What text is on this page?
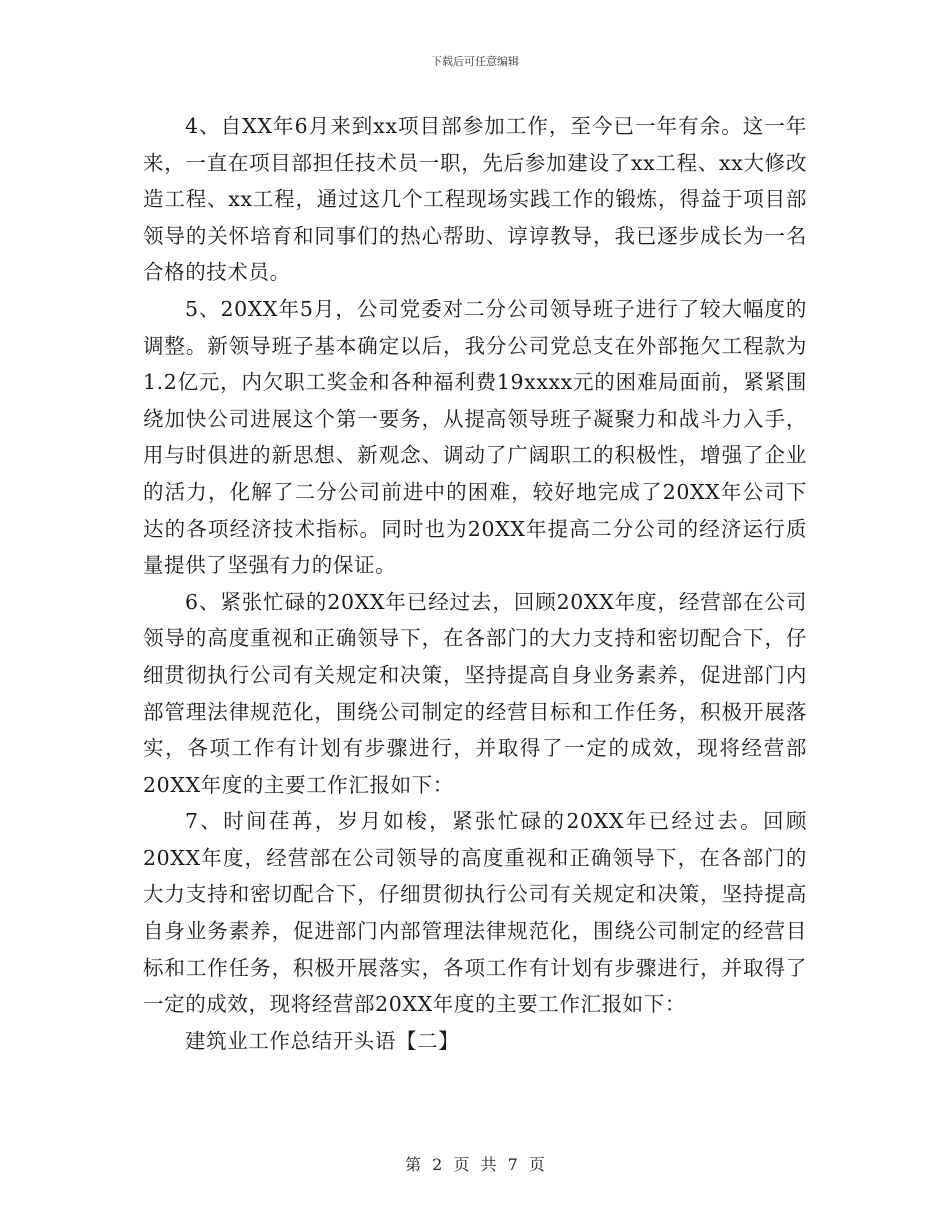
下载后可任意编辑

4、自XX年6月来到xx项目部参加工作，至今已一年有余。这一年来，一直在项目部担任技术员一职，先后参加建设了xx工程、xx大修改造工程、xx工程，通过这几个工程现场实践工作的锻炼，得益于项目部领导的关怀培育和同事们的热心帮助、谆谆教导，我已逐步成长为一名合格的技术员。

5、20XX年5月，公司党委对二分公司领导班子进行了较大幅度的调整。新领导班子基本确定以后，我分公司党总支在外部拖欠工程款为1.2亿元，内欠职工奖金和各种福利费19xxxx元的困难局面前，紧紧围绕加快公司进展这个第一要务，从提高领导班子凝聚力和战斗力入手，用与时俱进的新思想、新观念、调动了广阔职工的积极性，增强了企业的活力，化解了二分公司前进中的困难，较好地完成了20XX年公司下达的各项经济技术指标。同时也为20XX年提高二分公司的经济运行质量提供了坚强有力的保证。

6、紧张忙碌的20XX年已经过去，回顾20XX年度，经营部在公司领导的高度重视和正确领导下，在各部门的大力支持和密切配合下，仔细贯彻执行公司有关规定和决策，坚持提高自身业务素养，促进部门内部管理法律规范化，围绕公司制定的经营目标和工作任务，积极开展落实，各项工作有计划有步骤进行，并取得了一定的成效，现将经营部20XX年度的主要工作汇报如下：

7、时间荏苒，岁月如梭，紧张忙碌的20XX年已经过去。回顾20XX年度，经营部在公司领导的高度重视和正确领导下，在各部门的大力支持和密切配合下，仔细贯彻执行公司有关规定和决策，坚持提高自身业务素养，促进部门内部管理法律规范化，围绕公司制定的经营目标和工作任务，积极开展落实，各项工作有计划有步骤进行，并取得了一定的成效，现将经营部20XX年度的主要工作汇报如下：

建筑业工作总结开头语【二】

第 2 页 共 7 页
